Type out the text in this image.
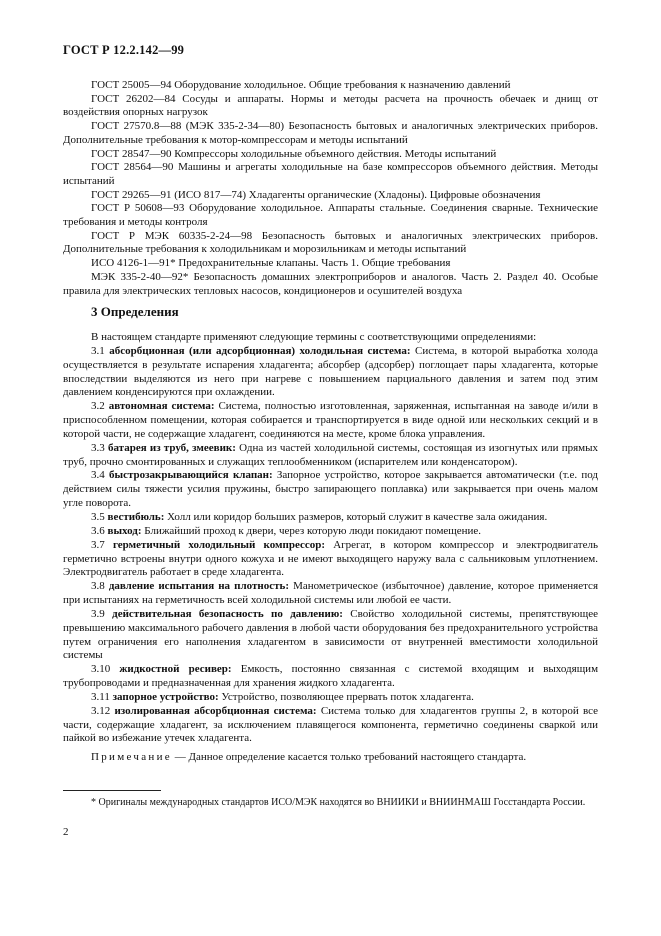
ГОСТ Р 12.2.142—99

ГОСТ 25005—94 Оборудование холодильное. Общие требования к назначению давлений

ГОСТ 26202—84 Сосуды и аппараты. Нормы и методы расчета на прочность обечаек и днищ от воздействия опорных нагрузок

ГОСТ 27570.8—88 (МЭК 335-2-34—80) Безопасность бытовых и аналогичных электрических приборов. Дополнительные требования к мотор-компрессорам и методы испытаний

ГОСТ 28547—90 Компрессоры холодильные объемного действия. Методы испытаний

ГОСТ 28564—90 Машины и агрегаты холодильные на базе компрессоров объемного действия. Методы испытаний

ГОСТ 29265—91 (ИСО 817—74) Хладагенты органические (Хладоны). Цифровые обозначения

ГОСТ Р 50608—93 Оборудование холодильное. Аппараты стальные. Соединения сварные. Технические требования и методы контроля

ГОСТ Р МЭК 60335-2-24—98 Безопасность бытовых и аналогичных электрических приборов. Дополнительные требования к холодильникам и морозильникам и методы испытаний

ИСО 4126-1—91* Предохранительные клапаны. Часть 1. Общие требования

МЭК 335-2-40—92* Безопасность домашних электроприборов и аналогов. Часть 2. Раздел 40. Особые правила для электрических тепловых насосов, кондиционеров и осушителей воздуха

3 Определения

В настоящем стандарте применяют следующие термины с соответствующими определениями:

3.1 абсорбционная (или адсорбционная) холодильная система: Система, в которой выработка холода осуществляется в результате испарения хладагента; абсорбер (адсорбер) поглощает пары хладагента, которые впоследствии выделяются из него при нагреве с повышением парциального давления и затем под этим давлением конденсируются при охлаждении.

3.2 автономная система: Система, полностью изготовленная, заряженная, испытанная на заводе и/или в приспособленном помещении, которая собирается и транспортируется в виде одной или нескольких секций и в которой части, не содержащие хладагент, соединяются на месте, кроме блока управления.

3.3 батарея из труб, змеевик: Одна из частей холодильной системы, состоящая из изогнутых или прямых труб, прочно смонтированных и служащих теплообменником (испарителем или конденсатором).

3.4 быстрозакрывающийся клапан: Запорное устройство, которое закрывается автоматически (т.е. под действием силы тяжести усилия пружины, быстро запирающего поплавка) или закрывается при очень малом угле поворота.

3.5 вестибюль: Холл или коридор больших размеров, который служит в качестве зала ожидания.

3.6 выход: Ближайший проход к двери, через которую люди покидают помещение.

3.7 герметичный холодильный компрессор: Агрегат, в котором компрессор и электродвигатель герметично встроены внутри одного кожуха и не имеют выходящего наружу вала с сальниковым уплотнением. Электродвигатель работает в среде хладагента.

3.8 давление испытания на плотность: Манометрическое (избыточное) давление, которое применяется при испытаниях на герметичность всей холодильной системы или любой ее части.

3.9 действительная безопасность по давлению: Свойство холодильной системы, препятствующее превышению максимального рабочего давления в любой части оборудования без предохранительного устройства путем ограничения его наполнения хладагентом в зависимости от внутренней вместимости холодильной системы

3.10 жидкостной ресивер: Емкость, постоянно связанная с системой входящим и выходящим трубопроводами и предназначенная для хранения жидкого хладагента.

3.11 запорное устройство: Устройство, позволяющее прервать поток хладагента.

3.12 изолированная абсорбционная система: Система только для хладагентов группы 2, в которой все части, содержащие хладагент, за исключением плавящегося компонента, герметично соединены сваркой или пайкой во избежание утечек хладагента.

Примечание — Данное определение касается только требований настоящего стандарта.

* Оригиналы международных стандартов ИСО/МЭК находятся во ВНИИКИ и ВНИИНМАШ Госстандарта России.

2
